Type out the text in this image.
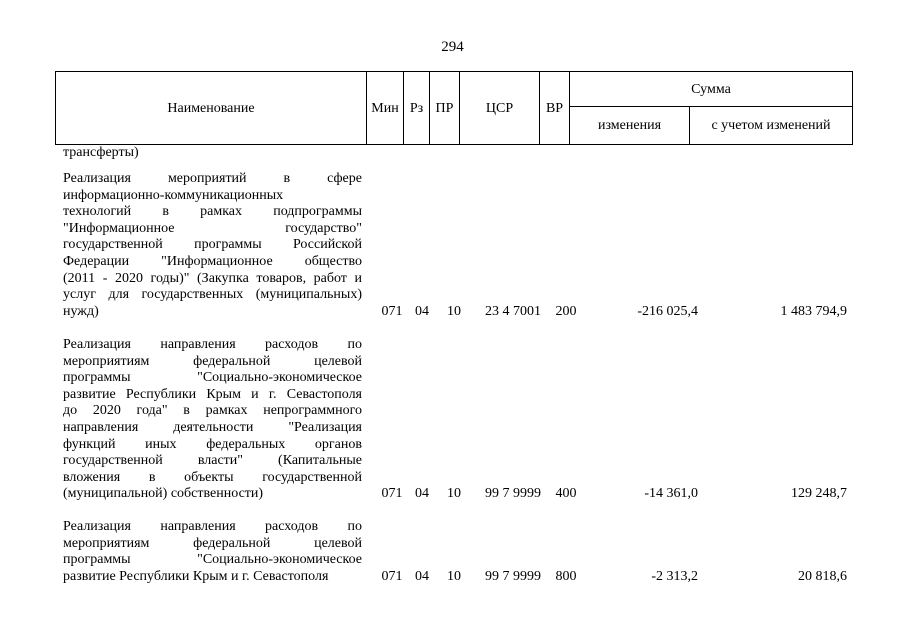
294
Наименование	Мин	Рз	ПР	ЦСР	ВР	Сумма	
						изменения	с учетом изменений
трансферты)
Реализация мероприятий в сфере
информационно-коммуникационных
технологий в рамках подпрограммы
"Информационное государство"
государственной программы Российской
Федерации "Информационное общество
(2011 - 2020 годы)" (Закупка товаров, работ и
услуг для государственных (муниципальных)
нужд)	071 04	10	23 4 7001	200	-216 025,4	1 483 794,9
Реализация направления расходов по
мероприятиям федеральной целевой
программы "Социально-экономическое
развитие Республики Крым и г. Севастополя
до 2020 года" в рамках непрограммного
направления деятельности "Реализация
функций иных федеральных органов
государственной власти" (Капитальные
вложения в объекты государственной
(муниципальной) собственности)	071 04	10	99 7 9999	400	-14 361,0	129 248,7
Реализация направления расходов по
мероприятиям федеральной целевой
программы "Социально-экономическое
развитие Республики Крым и г. Севастополя	071 04	10	99 7 9999	800	-2 313,2	20 818,6
